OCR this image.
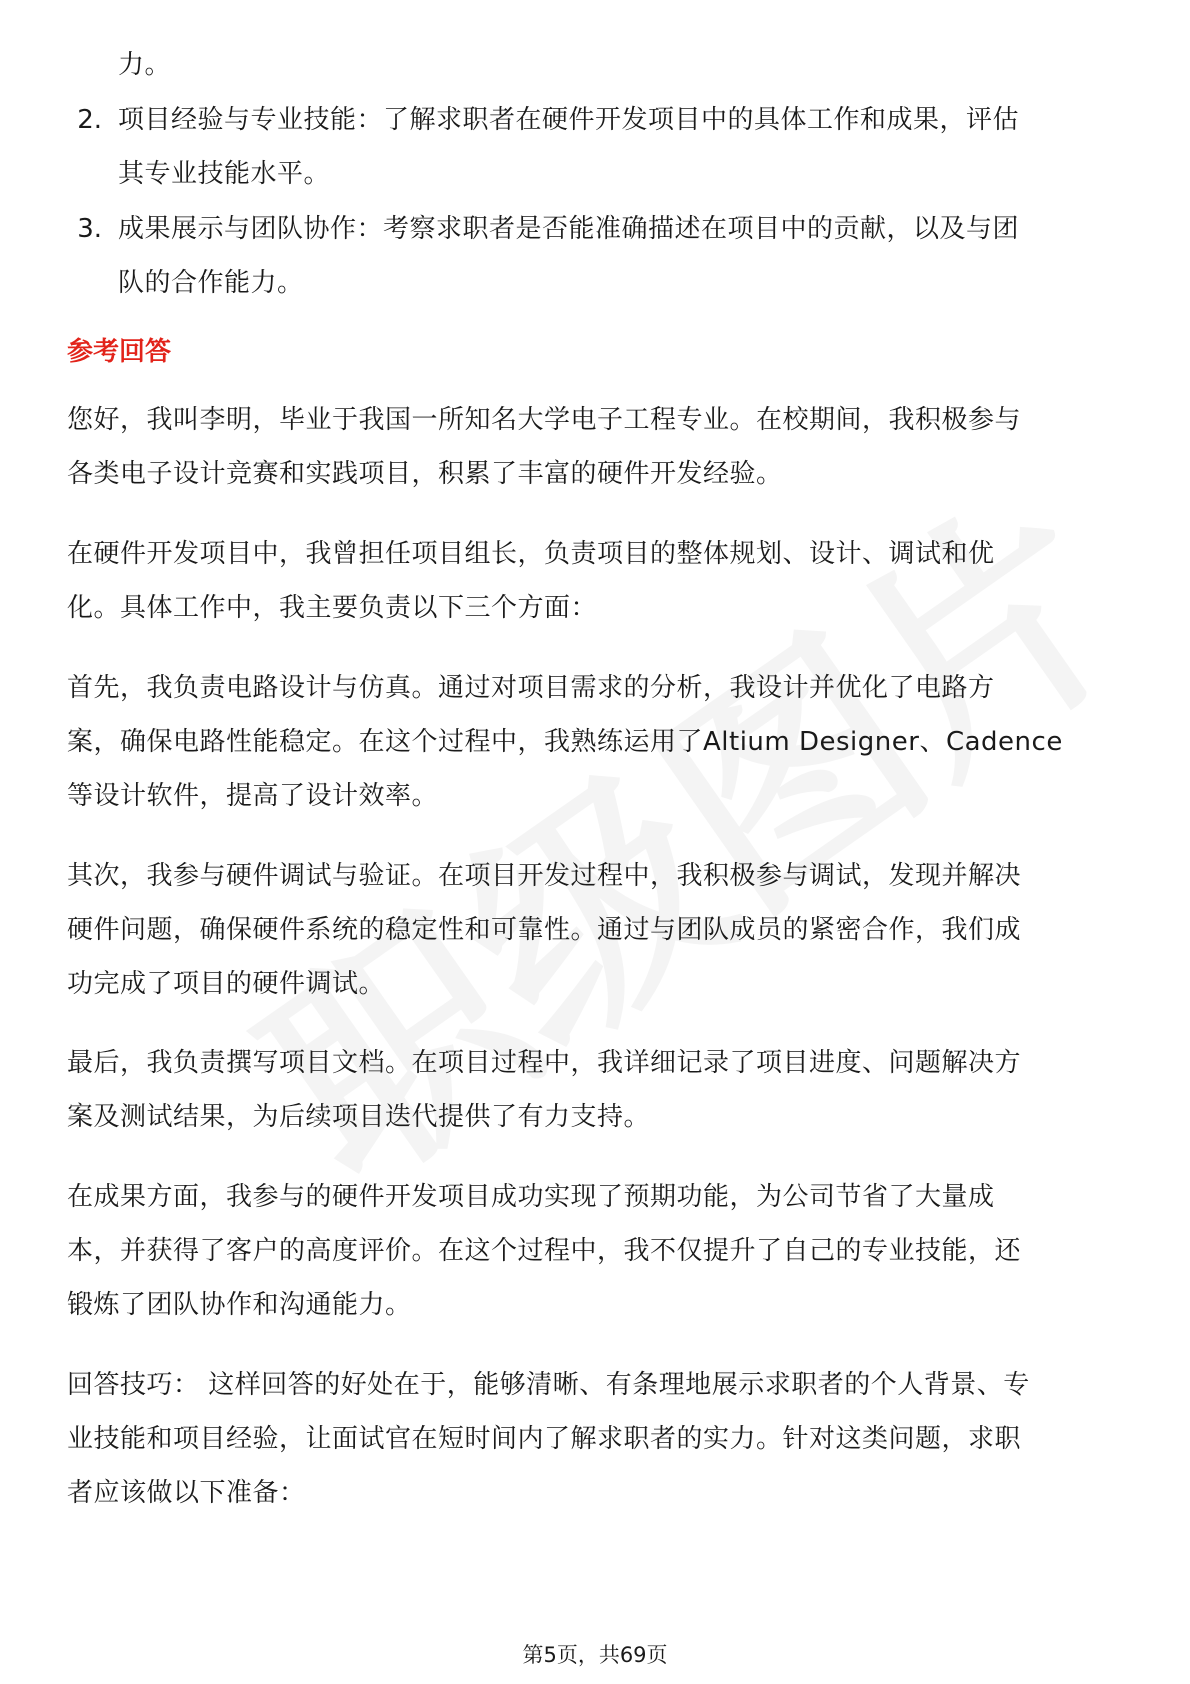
力。
2. 项目经验与专业技能：了解求职者在硬件开发项目中的具体工作和成果，评估
其专业技能水平。
3. 成果展示与团队协作：考察求职者是否能准确描述在项目中的贡献，以及与团
队的合作能力。
参考回答
您好，我叫李明，毕业于我国一所知名大学电子工程专业。在校期间，我积极参与
各类电子设计竞赛和实践项目，积累了丰富的硬件开发经验。
在硬件开发项目中，我曾担任项目组长，负责项目的整体规划、设计、调试和优
化。具体工作中，我主要负责以下三个方面：
首先，我负责电路设计与仿真。通过对项目需求的分析，我设计并优化了电路方
案，确保电路性能稳定。在这个过程中，我熟练运用了Altium Designer、Cadence
等设计软件，提高了设计效率。
其次，我参与硬件调试与验证。在项目开发过程中，我积极参与调试，发现并解决
硬件问题，确保硬件系统的稳定性和可靠性。通过与团队成员的紧密合作，我们成
功完成了项目的硬件调试。
最后，我负责撰写项目文档。在项目过程中，我详细记录了项目进度、问题解决方
案及测试结果，为后续项目迭代提供了有力支持。
在成果方面，我参与的硬件开发项目成功实现了预期功能，为公司节省了大量成
本，并获得了客户的高度评价。在这个过程中，我不仅提升了自己的专业技能，还
锻炼了团队协作和沟通能力。
回答技巧： 这样回答的好处在于，能够清晰、有条理地展示求职者的个人背景、专
业技能和项目经验，让面试官在短时间内了解求职者的实力。针对这类问题，求职
者应该做以下准备：
第5页，共69页
